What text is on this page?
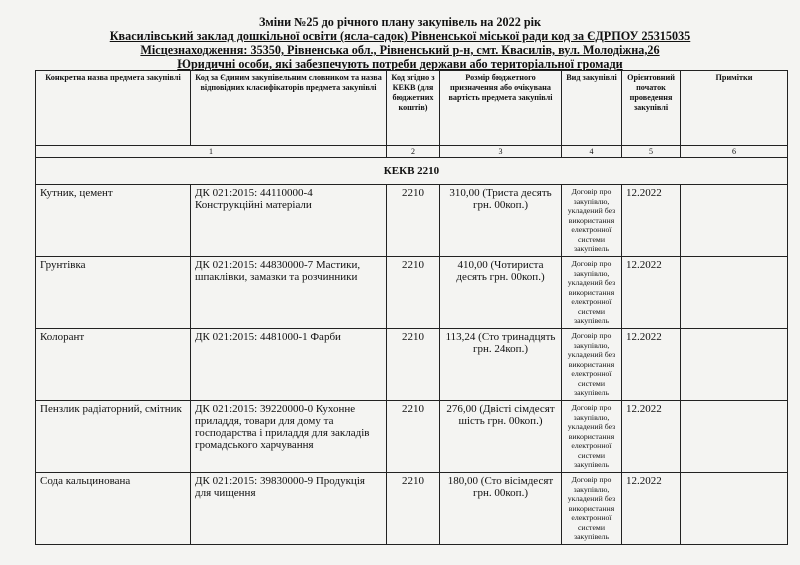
Зміни №25 до річного плану закупівель на 2022 рік
Квасилівський заклад дошкільної освіти (ясла-садок) Рівненської міської ради код за ЄДРПОУ 25315035
Місцезнаходження: 35350, Рівненська обл., Рівненський р-н, смт. Квасилів, вул. Молодіжна,26
Юридичні особи, які забезпечують потреби держави або територіальної громади
Конкретна назва предмета закупівлі	Код за Єдиним закупівельним словником та назва відповідних класифікаторів предмета закупівлі	Код згідно з КЕКВ (для бюджетних коштів)	Розмір бюджетного призначення або очікувана вартість предмета закупівлі	Вид закупівлі	Орієнтовний початок проведення закупівлі	Примітки
1		2	3	4	5	6
КЕКВ 2210						
Кутник, цемент	ДК 021:2015: 44110000-4 Конструкційні матеріали	2210	310,00 (Триста десять грн. 00коп.)	Договір про закупівлю, укладений без використання електронної системи закупівель	12.2022	
Грунтівка	ДК 021:2015: 44830000-7 Мастики, шпаклівки, замазки та розчинники	2210	410,00 (Чотириста десять грн. 00коп.)	Договір про закупівлю, укладений без використання електронної системи закупівель	12.2022	
Колорант	ДК 021:2015: 4481000-1 Фарби	2210	113,24 (Сто тринадцять грн. 24коп.)	Договір про закупівлю, укладений без використання електронної системи закупівель	12.2022	
Пензлик радіаторний, смітник	ДК 021:2015: 39220000-0 Кухонне приладдя, товари для дому та господарства і приладдя для закладів громадського харчування	2210	276,00 (Двісті сімдесят шість грн. 00коп.)	Договір про закупівлю, укладений без використання електронної системи закупівель	12.2022	
Сода кальцинована	ДК 021:2015: 39830000-9 Продукція для чищення	2210	180,00 (Сто вісімдесят грн. 00коп.)	Договір про закупівлю, укладений без використання електронної системи закупівель	12.2022	
